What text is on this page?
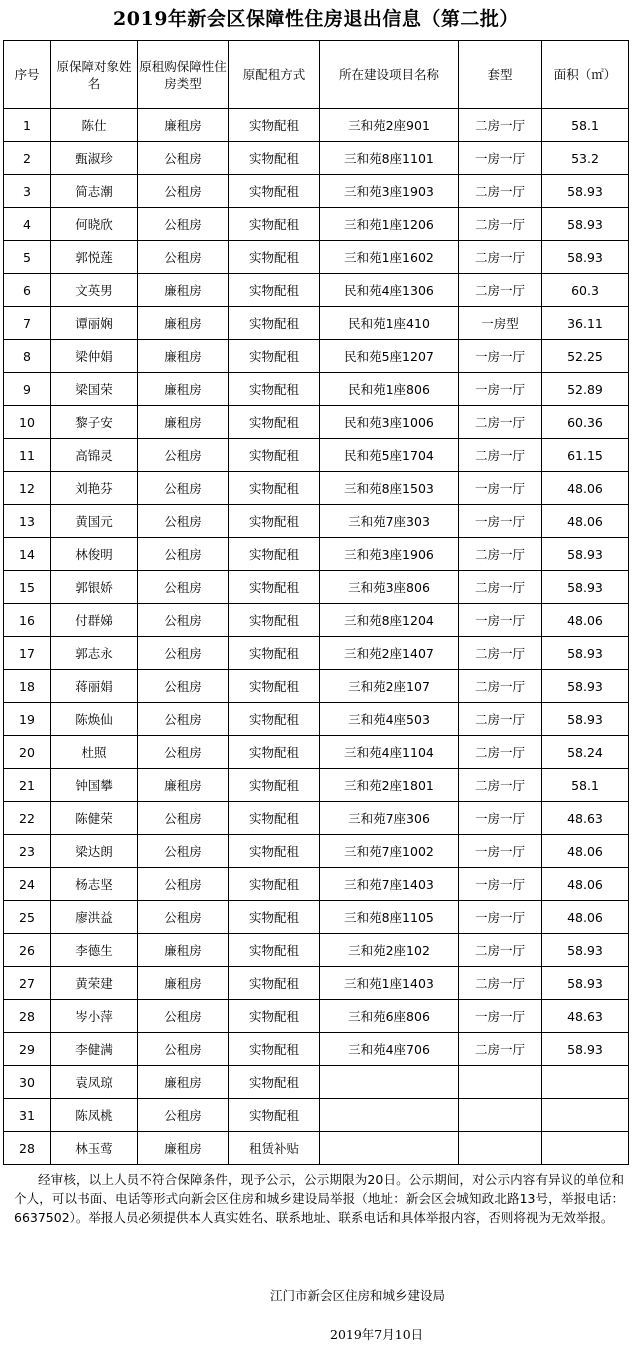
2019年新会区保障性住房退出信息（第二批）
序号	原保障对象姓名	原租购保障性住房类型	原配租方式	所在建设项目名称	套型	面积（㎡）
1	陈仕	廉租房	实物配租	三和苑2座901	二房一厅	58.1
2	甄淑珍	公租房	实物配租	三和苑8座1101	一房一厅	53.2
3	简志潮	公租房	实物配租	三和苑3座1903	二房一厅	58.93
4	何晓欣	公租房	实物配租	三和苑1座1206	二房一厅	58.93
5	郭悦莲	公租房	实物配租	三和苑1座1602	二房一厅	58.93
6	文英男	廉租房	实物配租	民和苑4座1306	二房一厅	60.3
7	谭丽娴	廉租房	实物配租	民和苑1座410	一房型	36.11
8	梁仲娟	廉租房	实物配租	民和苑5座1207	一房一厅	52.25
9	梁国荣	廉租房	实物配租	民和苑1座806	一房一厅	52.89
10	黎子安	廉租房	实物配租	民和苑3座1006	二房一厅	60.36
11	高锦灵	公租房	实物配租	民和苑5座1704	二房一厅	61.15
12	刘艳芬	公租房	实物配租	三和苑8座1503	一房一厅	48.06
13	黄国元	公租房	实物配租	三和苑7座303	一房一厅	48.06
14	林俊明	公租房	实物配租	三和苑3座1906	二房一厅	58.93
15	郭银娇	公租房	实物配租	三和苑3座806	二房一厅	58.93
16	付群娣	公租房	实物配租	三和苑8座1204	一房一厅	48.06
17	郭志永	公租房	实物配租	三和苑2座1407	二房一厅	58.93
18	蒋丽娟	公租房	实物配租	三和苑2座107	二房一厅	58.93
19	陈焕仙	公租房	实物配租	三和苑4座503	二房一厅	58.93
20	杜照	公租房	实物配租	三和苑4座1104	二房一厅	58.24
21	钟国攀	廉租房	实物配租	三和苑2座1801	二房一厅	58.1
22	陈健荣	公租房	实物配租	三和苑7座306	一房一厅	48.63
23	梁达朗	公租房	实物配租	三和苑7座1002	一房一厅	48.06
24	杨志坚	公租房	实物配租	三和苑7座1403	一房一厅	48.06
25	廖洪益	公租房	实物配租	三和苑8座1105	一房一厅	48.06
26	李德生	廉租房	实物配租	三和苑2座102	二房一厅	58.93
27	黄荣建	廉租房	实物配租	三和苑1座1403	二房一厅	58.93
28	岑小萍	公租房	实物配租	三和苑6座806	一房一厅	48.63
29	李健满	公租房	实物配租	三和苑4座706	二房一厅	58.93
30	袁凤琼	廉租房	实物配租			
31	陈凤桃	公租房	实物配租			
28	林玉莺	廉租房	租赁补贴			
经审核，以上人员不符合保障条件，现予公示，公示期限为20日。公示期间，对公示内容有异议的单位和个人，可以书面、电话等形式向新会区住房和城乡建设局举报（地址：新会区会城知政北路13号，举报电话：6637502）。举报人员必须提供本人真实姓名、联系地址、联系电话和具体举报内容，否则将视为无效举报。
江门市新会区住房和城乡建设局
2019年7月10日
